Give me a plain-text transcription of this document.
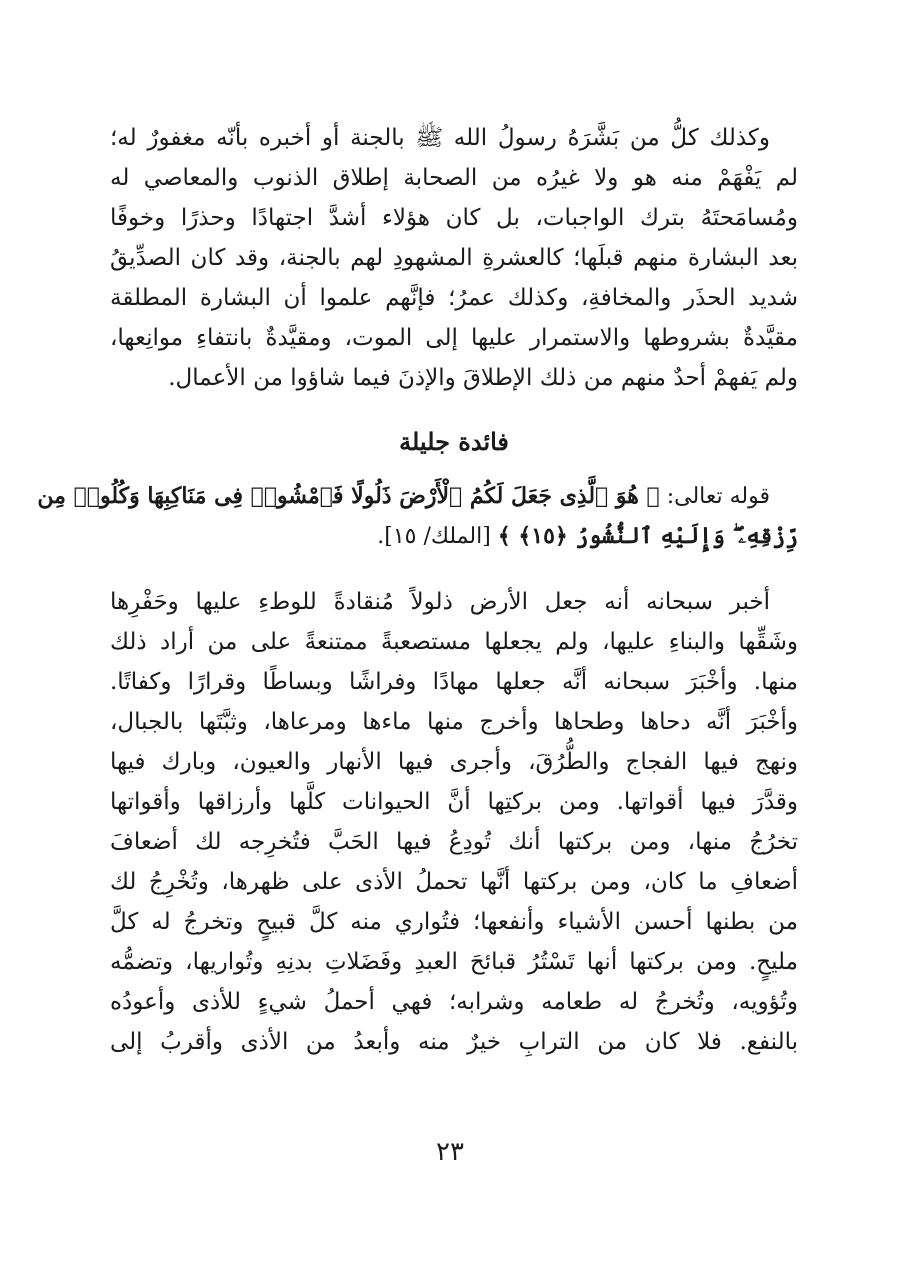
وكذلك كلُّ من بَشَّرَهُ رسولُ الله ﷺ بالجنة أو أخبره بأنّه مغفورٌ له؛
لم يَفْهَمْ منه هو ولا غيرُه من الصحابة إطلاق الذنوب والمعاصي له
ومُسامَحتَهُ بترك الواجبات، بل كان هؤلاء أشدَّ اجتهادًا وحذرًا وخوفًا
بعد البشارة منهم قبلَها؛ كالعشرةِ المشهودِ لهم بالجنة، وقد كان الصدِّيقُ
شديد الحذَر والمخافةِ، وكذلك عمرُ؛ فإنَّهم علموا أن البشارة المطلقة
مقيَّدةٌ بشروطها والاستمرار عليها إلى الموت، ومقيَّدةٌ بانتفاءِ موانِعها،
ولم يَفهمْ أحدٌ منهم من ذلك الإطلاقَ والإذنَ فيما شاؤوا من الأعمال.
فائدة جليلة
قوله تعالى: ﴿ هُوَ ٱلَّذِى جَعَلَ لَكُمُ ٱلْأَرْضَ ذَلُولًا فَٱمْشُوا۟ فِى مَنَاكِبِهَا وَكُلُوا۟ مِن
رِّزْقِهِۦ ۖ وَإِلَيْهِ ٱلنُّشُورُ ﴿١٥﴾ ﴾ [الملك/ ١٥].
أخبر سبحانه أنه جعل الأرض ذلولاً مُنقادةً للوطءِ عليها وحَفْرِها
وشَقِّها والبناءِ عليها، ولم يجعلها مستصعبةً ممتنعةً على من أراد ذلك
منها. وأخْبَرَ سبحانه أنَّه جعلها مهادًا وفراشًا وبساطًا وقرارًا وكفاتًا.
وأخْبَرَ أنَّه دحاها وطحاها وأخرج منها ماءها ومرعاها، وثبَّتَها بالجبال،
ونهج فيها الفجاج والطُّرُقَ، وأجرى فيها الأنهار والعيون، وبارك فيها
وقدَّرَ فيها أقواتها. ومن بركتِها أنَّ الحيوانات كلَّها وأرزاقها وأقواتها
تخرُجُ منها، ومن بركتها أنك تُودِعُ فيها الحَبَّ فتُخرِجه لك أضعافَ
أضعافِ ما كان، ومن بركتها أنَّها تحملُ الأذى على ظهرها، وتُخْرِجُ لك
من بطنها أحسن الأشياء وأنفعها؛ فتُواري منه كلَّ قبيحٍ وتخرجُ له كلَّ
مليحٍ. ومن بركتها أنها تَسْتُرُ قبائحَ العبدِ وفَضَلاتِ بدنِهِ وتُواريها، وتضمُّه
وتُؤويه، وتُخرجُ له طعامه وشرابه؛ فهي أحملُ شيءٍ للأذى وأعودُه
بالنفع. فلا كان من الترابِ خيرٌ منه وأبعدُ من الأذى وأقربُ إلى
٢٣
